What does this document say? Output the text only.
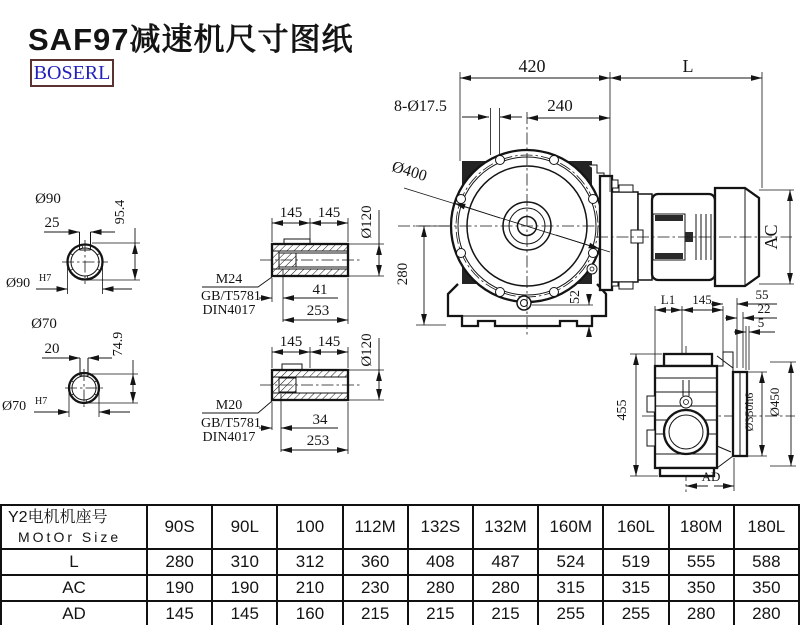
SAF97减速机尺寸图纸
BOSERL
Ø90
25	95.4
Ø90 H7
Ø70
20	74.9
Ø70 H7
145 145 Ø120
M24
GB/T5781
DIN4017
41
253
145 145 Ø120
M20
GB/T5781
DIN4017
34
253
420	L
8-Ø17.5	240
Ø400
280
52
AC
L1 145	55
22
5
455	Ø350h6 Ø450
AD
Y2电机机座号
MOtOr Size	90S	90L	100	112M	132S	132M	160M	160L	180M	180L
L	280	310	312	360	408	487	524	519	555	588
AC	190	190	210	230	280	280	315	315	350	350
AD	145	145	160	215	215	215	255	255	280	280
